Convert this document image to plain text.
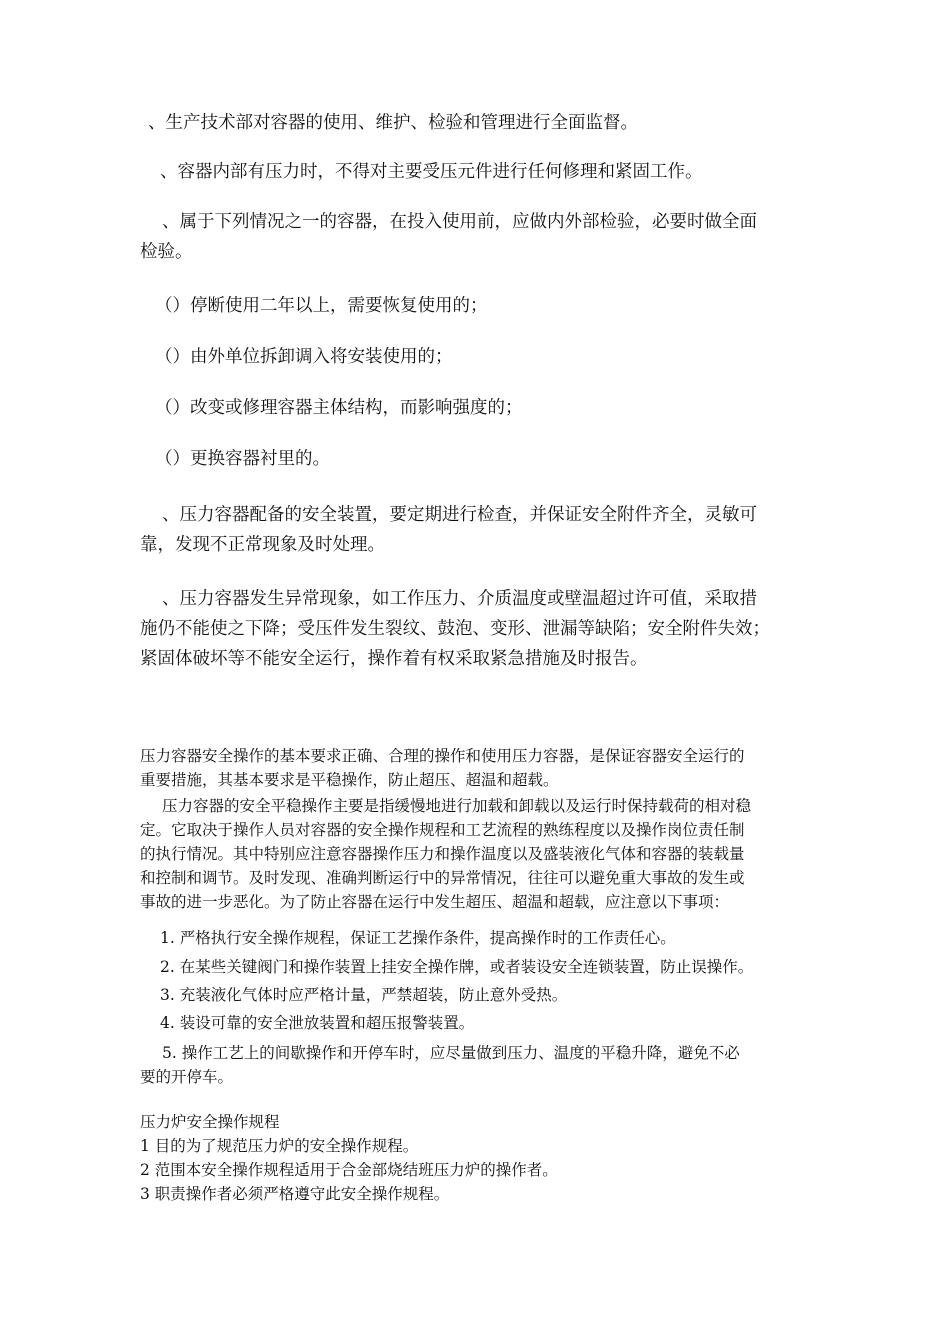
、生产技术部对容器的使用、维护、检验和管理进行全面监督。
、容器内部有压力时，不得对主要受压元件进行任何修理和紧固工作。
、属于下列情况之一的容器，在投入使用前，应做内外部检验，必要时做全面
检验。
（）停断使用二年以上，需要恢复使用的；
（）由外单位拆卸调入将安装使用的；
（）改变或修理容器主体结构，而影响强度的；
（）更换容器衬里的。
、压力容器配备的安全装置，要定期进行检查，并保证安全附件齐全，灵敏可
靠，发现不正常现象及时处理。
、压力容器发生异常现象，如工作压力、介质温度或壁温超过许可值，采取措
施仍不能使之下降；受压件发生裂纹、鼓泡、变形、泄漏等缺陷；安全附件失效；
紧固体破坏等不能安全运行，操作着有权采取紧急措施及时报告。
压力容器安全操作的基本要求正确、合理的操作和使用压力容器，是保证容器安全运行的
重要措施，其基本要求是平稳操作，防止超压、超温和超载。
压力容器的安全平稳操作主要是指缓慢地进行加载和卸载以及运行时保持载荷的相对稳
定。它取决于操作人员对容器的安全操作规程和工艺流程的熟练程度以及操作岗位责任制
的执行情况。其中特别应注意容器操作压力和操作温度以及盛装液化气体和容器的装载量
和控制和调节。及时发现、准确判断运行中的异常情况，往往可以避免重大事故的发生或
事故的进一步恶化。为了防止容器在运行中发生超压、超温和超载，应注意以下事项：
1. 严格执行安全操作规程，保证工艺操作条件，提高操作时的工作责任心。
2. 在某些关键阀门和操作装置上挂安全操作牌，或者装设安全连锁装置，防止误操作。
3. 充装液化气体时应严格计量，严禁超装，防止意外受热。
4. 装设可靠的安全泄放装置和超压报警装置。
5. 操作工艺上的间歇操作和开停车时，应尽量做到压力、温度的平稳升降，避免不必
要的开停车。
压力炉安全操作规程
1 目的为了规范压力炉的安全操作规程。
2 范围本安全操作规程适用于合金部烧结班压力炉的操作者。
3 职责操作者必须严格遵守此安全操作规程。
